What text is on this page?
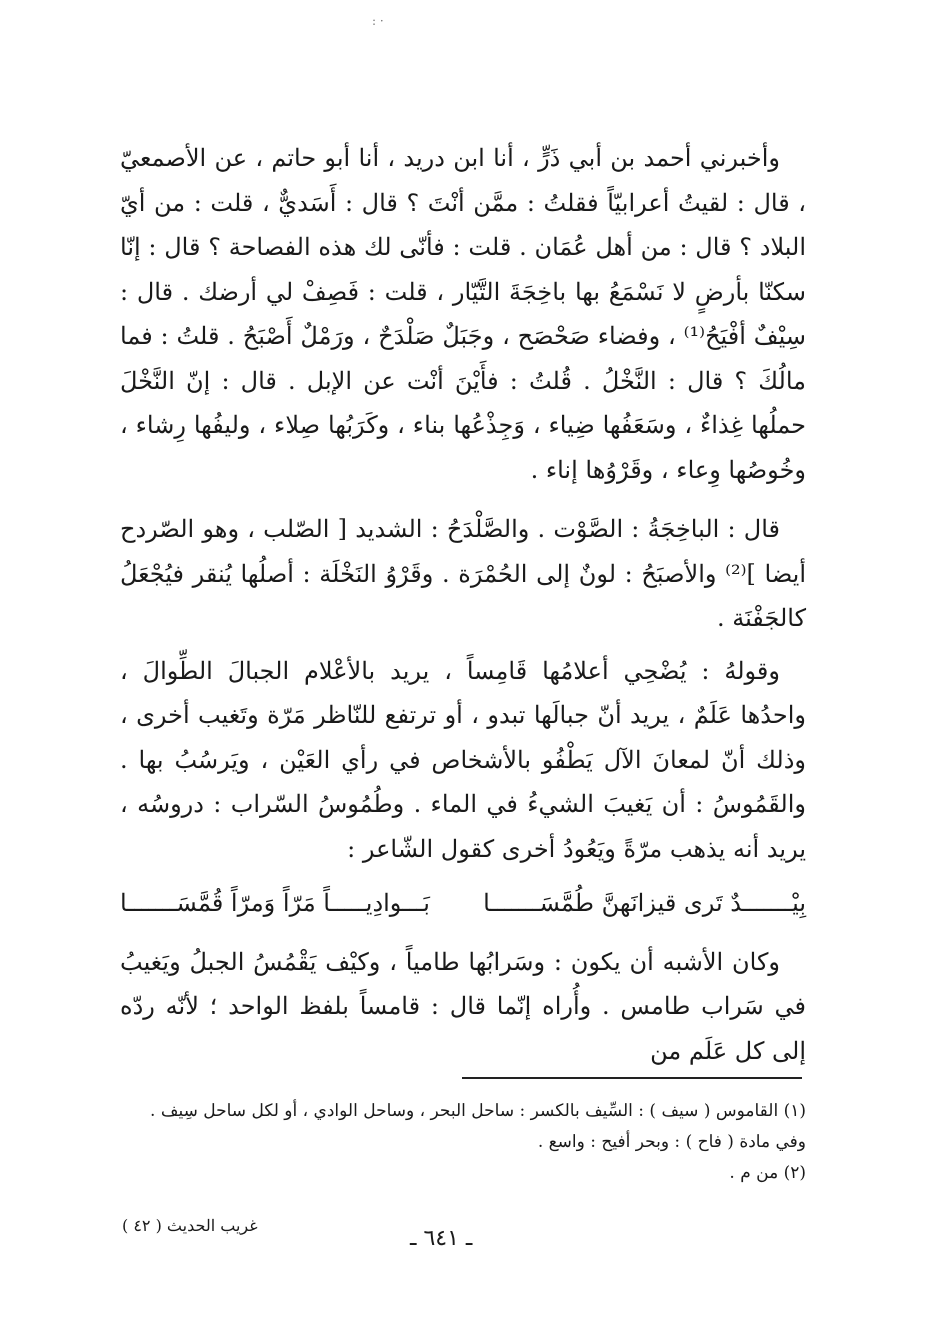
· :

وأخبرني أحمد بن أبي ذَرٍّ ، أنا ابن دريد ، أنا أبو حاتم ، عن الأصمعيّ ، قال : لقيتُ أعرابيّاً فقلتُ : ممَّن أنْتَ ؟ قال : أَسَديٌّ ، قلت : من أيّ البلاد ؟ قال : من أهل عُمَان . قلت : فأنّى لك هذه الفصاحة ؟ قال : إنّا سكنّا بأرضٍ لا نَسْمَعُ بها باخِجَةَ التَّيّار ، قلت : فَصِفْ لي أرضك . قال : سِيْفٌ أفْيَحُ⁽¹⁾ ، وفضاء صَحْصَح ، وجَبَلٌ صَلْدَحٌ ، ورَمْلٌ أَصْبَحُ . قلتُ : فما مالُكَ ؟ قال : النَّخْلُ . قُلتُ : فأَيْنَ أنْت عن الإبل . قال : إنّ النَّخْلَ حملُها غِذاءٌ ، وسَعَفُها ضِياء ، وَجِذْعُها بناء ، وكَرَبُها صِلاء ، وليفُها رِشاء ، وخُوصُها وِعاء ، وقَرْوُها إناء .

قال : الباخِجَةُ : الصَّوْت . والصَّلْدَحُ : الشديد [ الصّلب ، وهو الصّردح أيضا ]⁽²⁾ والأصبَحُ : لونٌ إلى الحُمْرَة . وقَرْوُ النَخْلَة : أصلُها يُنقر فيُجْعَلُ كالجَفْنَة .

وقولهُ : يُضْحِي أعلامُها قَامِساً ، يريد بالأعْلام الجبالَ الطِّوالَ ، واحدُها عَلَمٌ ، يريد أنّ جبالَها تبدو ، أو ترتفع للنّاظر مَرّة وتَغيب أخرى ، وذلك أنّ لمعانَ الآل يَطْفُو بالأشخاص في رأي العَيْن ، ويَرسُبُ بها . والقَمُوسُ : أن يَغيبَ الشيءُ في الماء . وطُمُوسُ السّراب : دروسُه ، يريد أنه يذهب مرّةً ويَعُودُ أخرى كقول الشّاعر :

بِيْـــــــدٌ تَرى قيزانَهنَّ طُمَّسَـــــــا
بَـــوادِيـــــاً مَرّاً وَمرّاً قُمَّسَـــــــا

وكان الأشبه أن يكون : وسَرابُها طامياً ، وكيْف يَقْمُسُ الجبلُ ويَغيبُ في سَراب طامس . وأُراه إنّما قال : قامساً بلفظ الواحد ؛ لأنّه ردّه إلى كل عَلَم من

(١) القاموس ( سيف ) : السِّيف بالكسر : ساحل البحر ، وساحل الوادي ، أو لكل ساحل سِيف . وفي مادة ( فاح ) : وبحر أفيح : واسع .

(٢) من م .

غريب الحديث ( ٤٢ )
ـ ٦٤١ ـ
